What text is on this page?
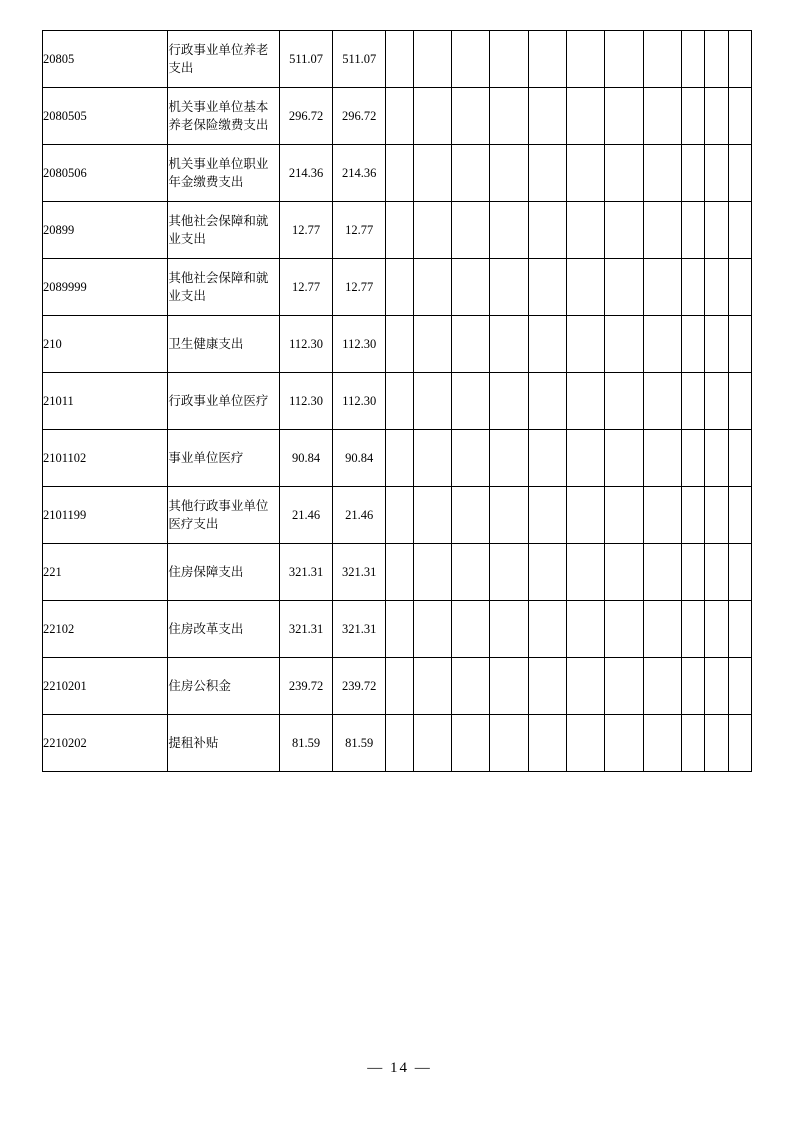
20805	行政事业单位养老支出	511.07	511.07											
2080505	机关事业单位基本养老保险缴费支出	296.72	296.72											
2080506	机关事业单位职业年金缴费支出	214.36	214.36											
20899	其他社会保障和就业支出	12.77	12.77											
2089999	其他社会保障和就业支出	12.77	12.77											
210	卫生健康支出	112.30	112.30											
21011	行政事业单位医疗	112.30	112.30											
2101102	事业单位医疗	90.84	90.84											
2101199	其他行政事业单位医疗支出	21.46	21.46											
221	住房保障支出	321.31	321.31											
22102	住房改革支出	321.31	321.31											
2210201	住房公积金	239.72	239.72											
2210202	提租补贴	81.59	81.59											
— 14 —
